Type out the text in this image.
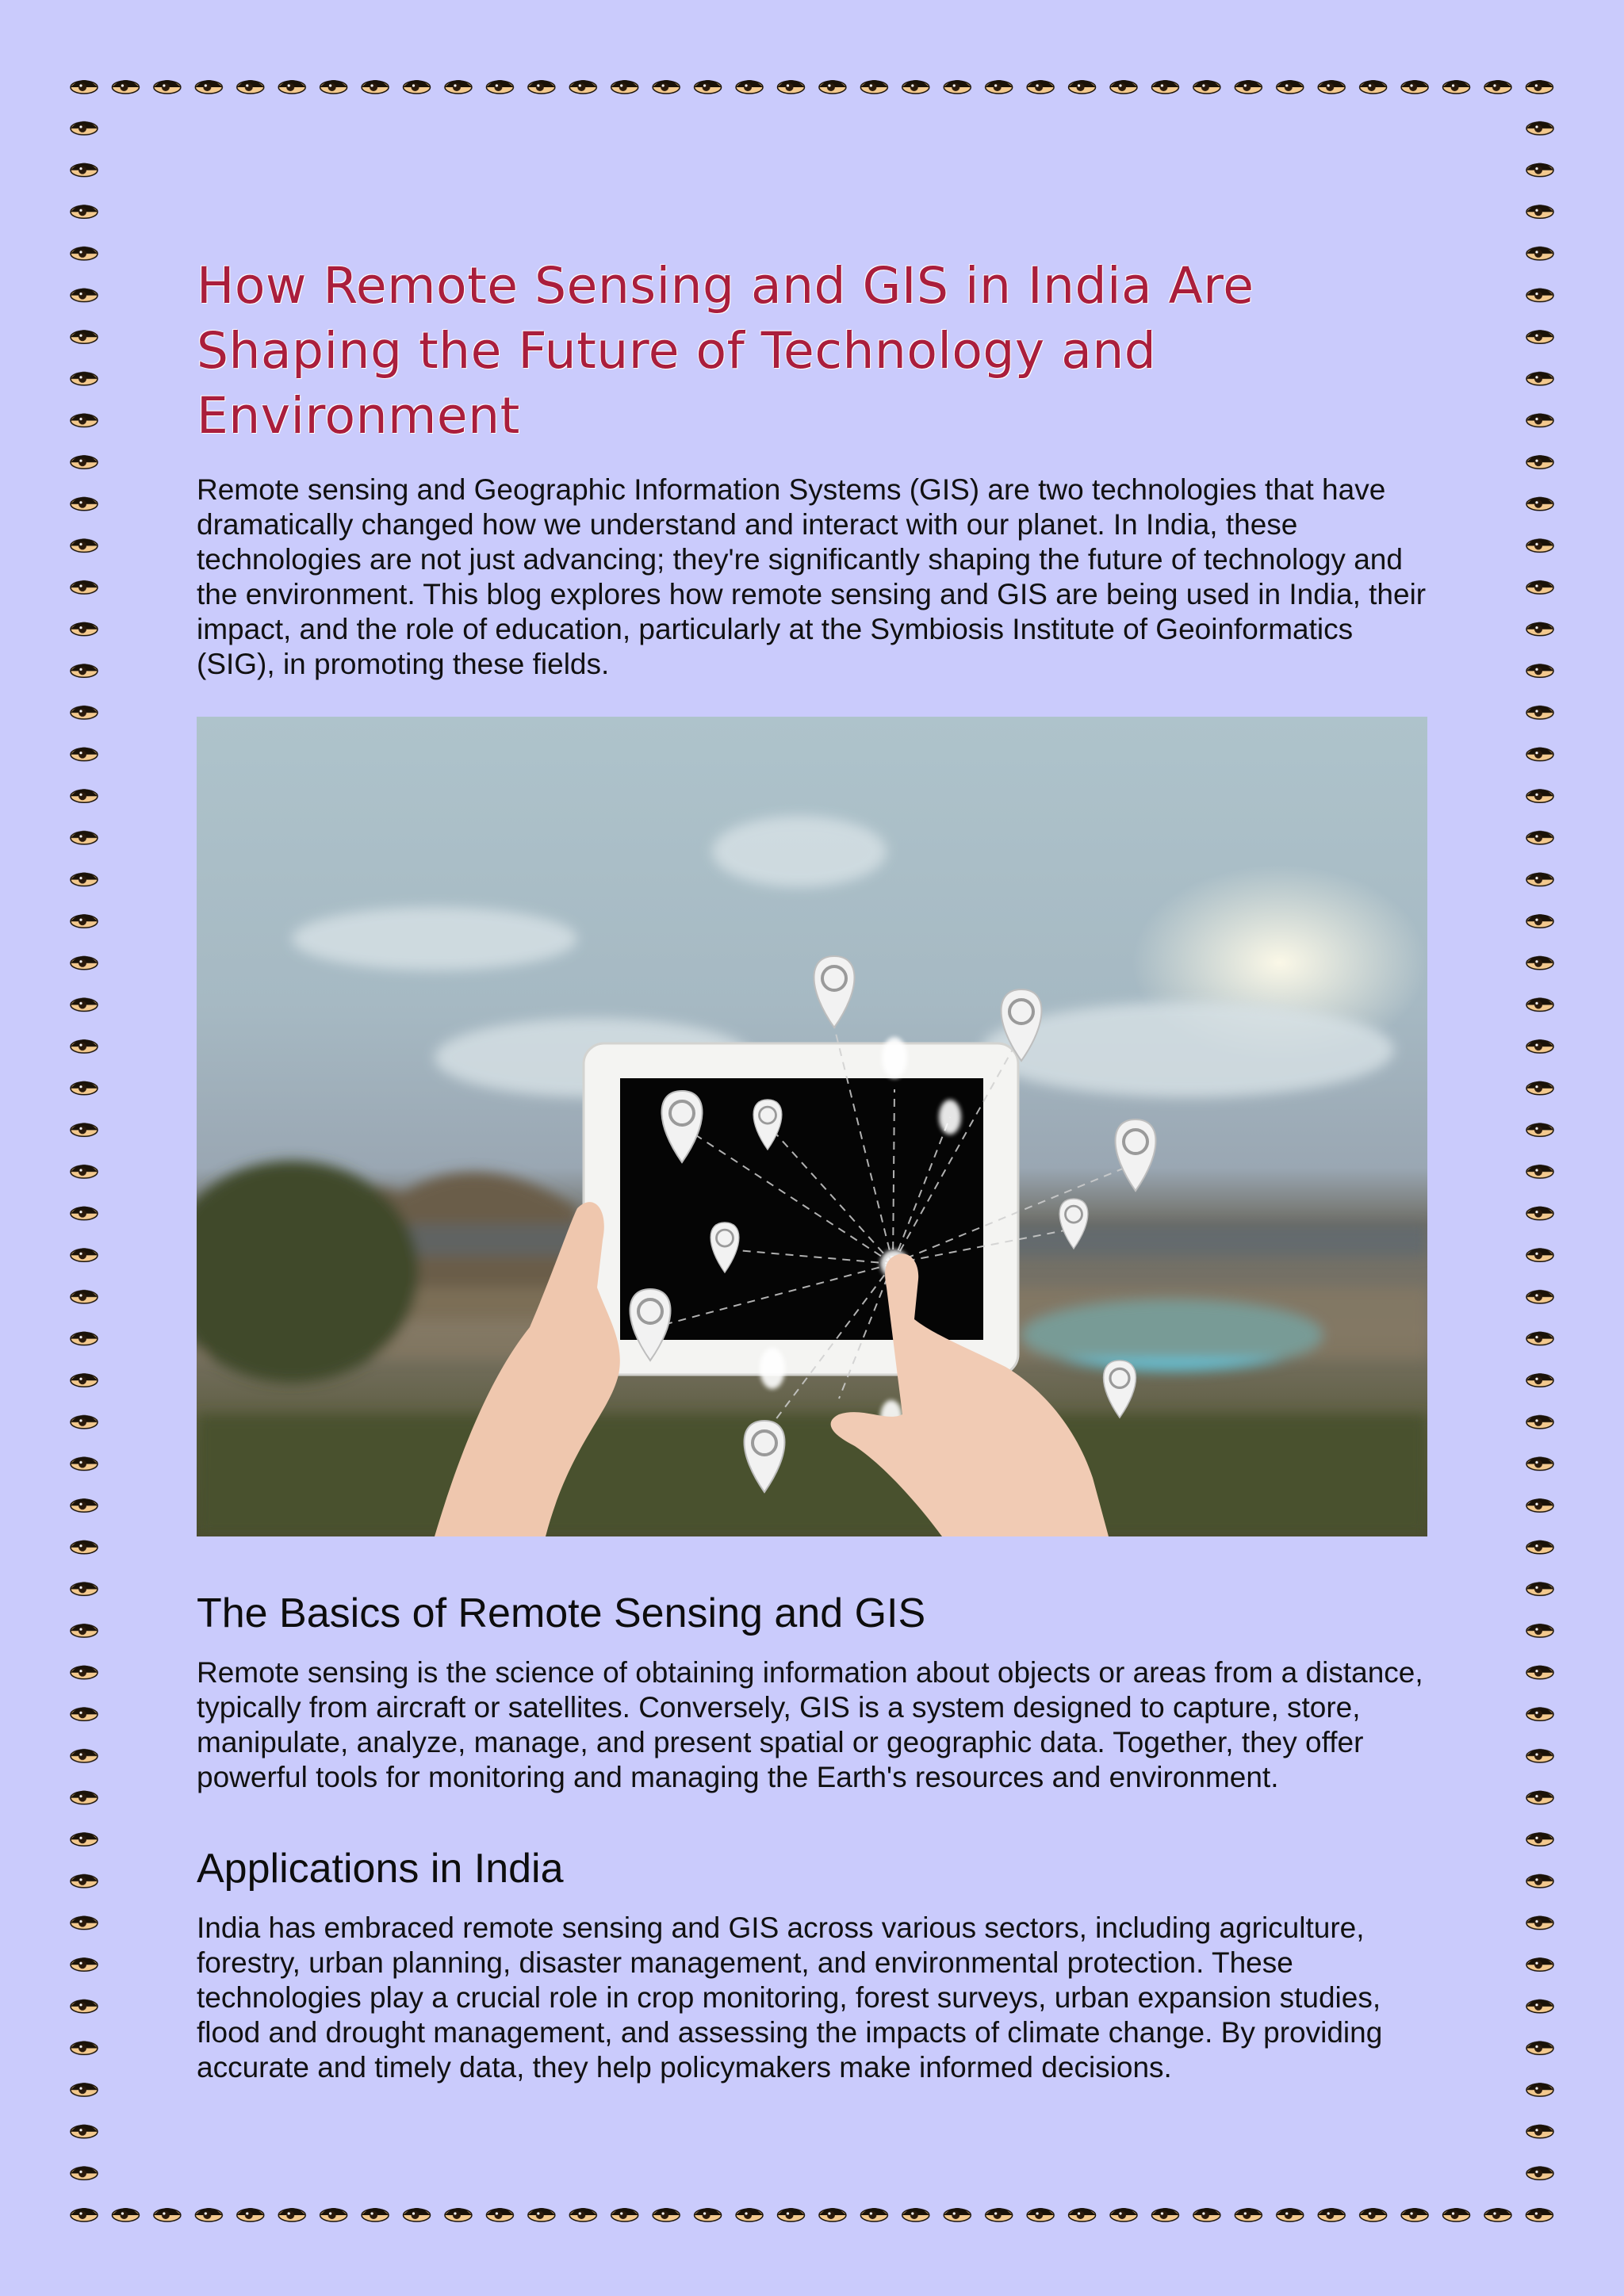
How Remote Sensing and GIS in India Are Shaping the Future of Technology and Environment

Remote sensing and Geographic Information Systems (GIS) are two technologies that have dramatically changed how we understand and interact with our planet. In India, these technologies are not just advancing; they're significantly shaping the future of technology and the environment. This blog explores how remote sensing and GIS are being used in India, their impact, and the role of education, particularly at the Symbiosis Institute of Geoinformatics (SIG), in promoting these fields.

The Basics of Remote Sensing and GIS

Remote sensing is the science of obtaining information about objects or areas from a distance, typically from aircraft or satellites. Conversely, GIS is a system designed to capture, store, manipulate, analyze, manage, and present spatial or geographic data. Together, they offer powerful tools for monitoring and managing the Earth's resources and environment.

Applications in India

India has embraced remote sensing and GIS across various sectors, including agriculture, forestry, urban planning, disaster management, and environmental protection. These technologies play a crucial role in crop monitoring, forest surveys, urban expansion studies, flood and drought management, and assessing the impacts of climate change. By providing accurate and timely data, they help policymakers make informed decisions.
